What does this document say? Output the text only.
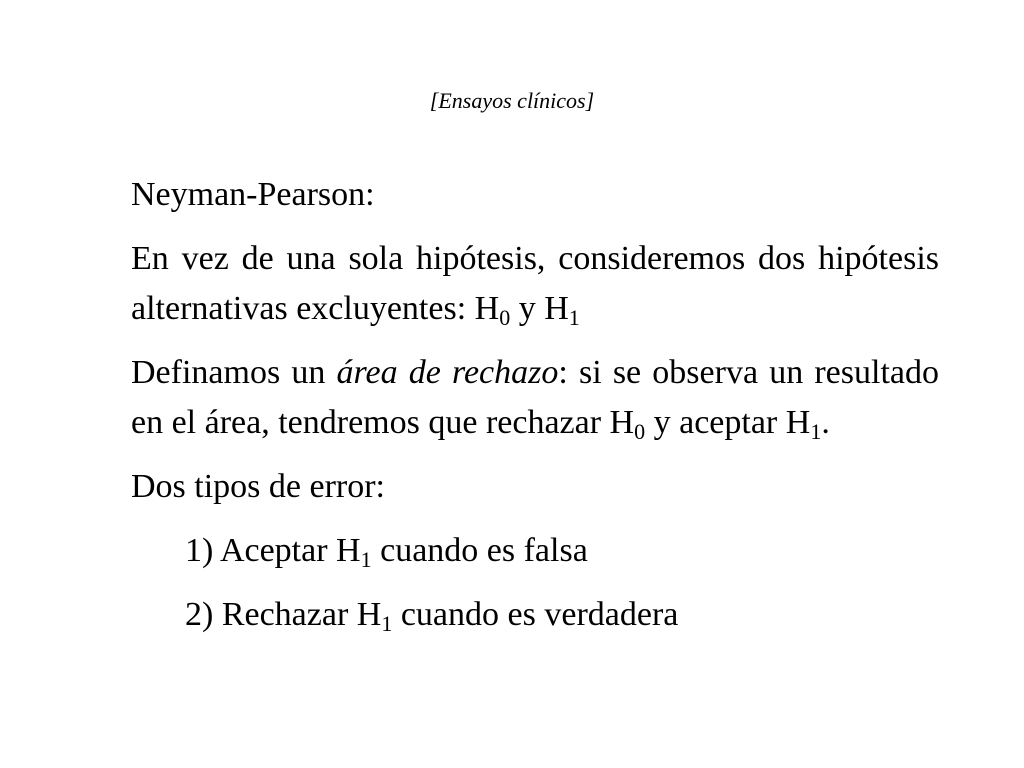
[Ensayos clínicos]

Neyman-Pearson:

En vez de una sola hipótesis, consideremos dos hipótesis alternativas excluyentes: $H_0$ y $H_1$

Definamos un área de rechazo: si se observa un resultado en el área, tendremos que rechazar $H_0$ y aceptar $H_1$.

Dos tipos de error:

1) Aceptar $H_1$ cuando es falsa

2) Rechazar $H_1$ cuando es verdadera
